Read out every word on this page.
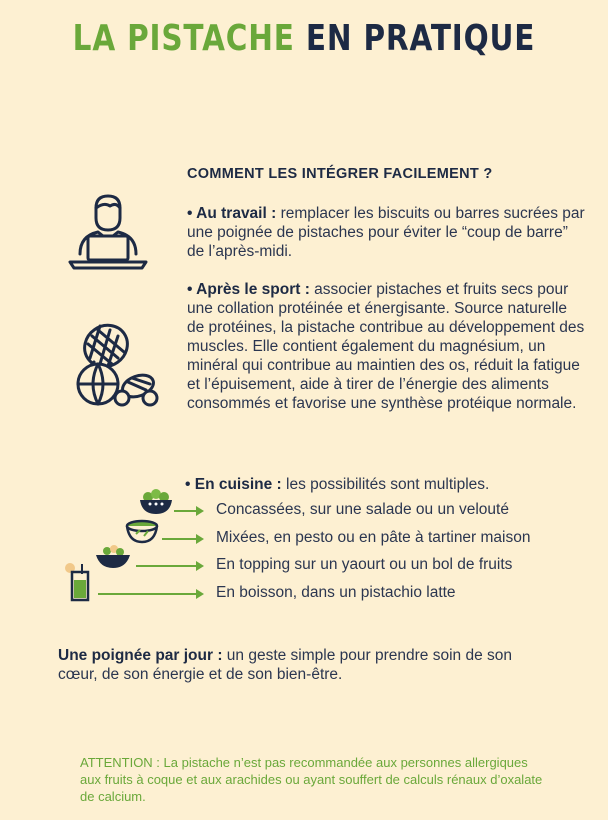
LA PISTACHE EN PRATIQUE
COMMENT LES INTÉGRER FACILEMENT ?
• Au travail : remplacer les biscuits ou barres sucrées par une poignée de pistaches pour éviter le “coup de barre” de l’après-midi.
• Après le sport : associer pistaches et fruits secs pour une collation protéinée et énergisante. Source naturelle de protéines, la pistache contribue au développement des muscles. Elle contient également du magnésium, un minéral qui contribue au maintien des os, réduit la fatigue et l’épuisement, aide à tirer de l’énergie des aliments consommés et favorise une synthèse protéique normale.
• En cuisine : les possibilités sont multiples.
Concassées, sur une salade ou un velouté
Mixées, en pesto ou en pâte à tartiner maison
En topping sur un yaourt ou un bol de fruits
En boisson, dans un pistachio latte
Une poignée par jour : un geste simple pour prendre soin de son cœur, de son énergie et de son bien-être.
ATTENTION : La pistache n’est pas recommandée aux personnes allergiques aux fruits à coque et aux arachides ou ayant souffert de calculs rénaux d’oxalate de calcium.
